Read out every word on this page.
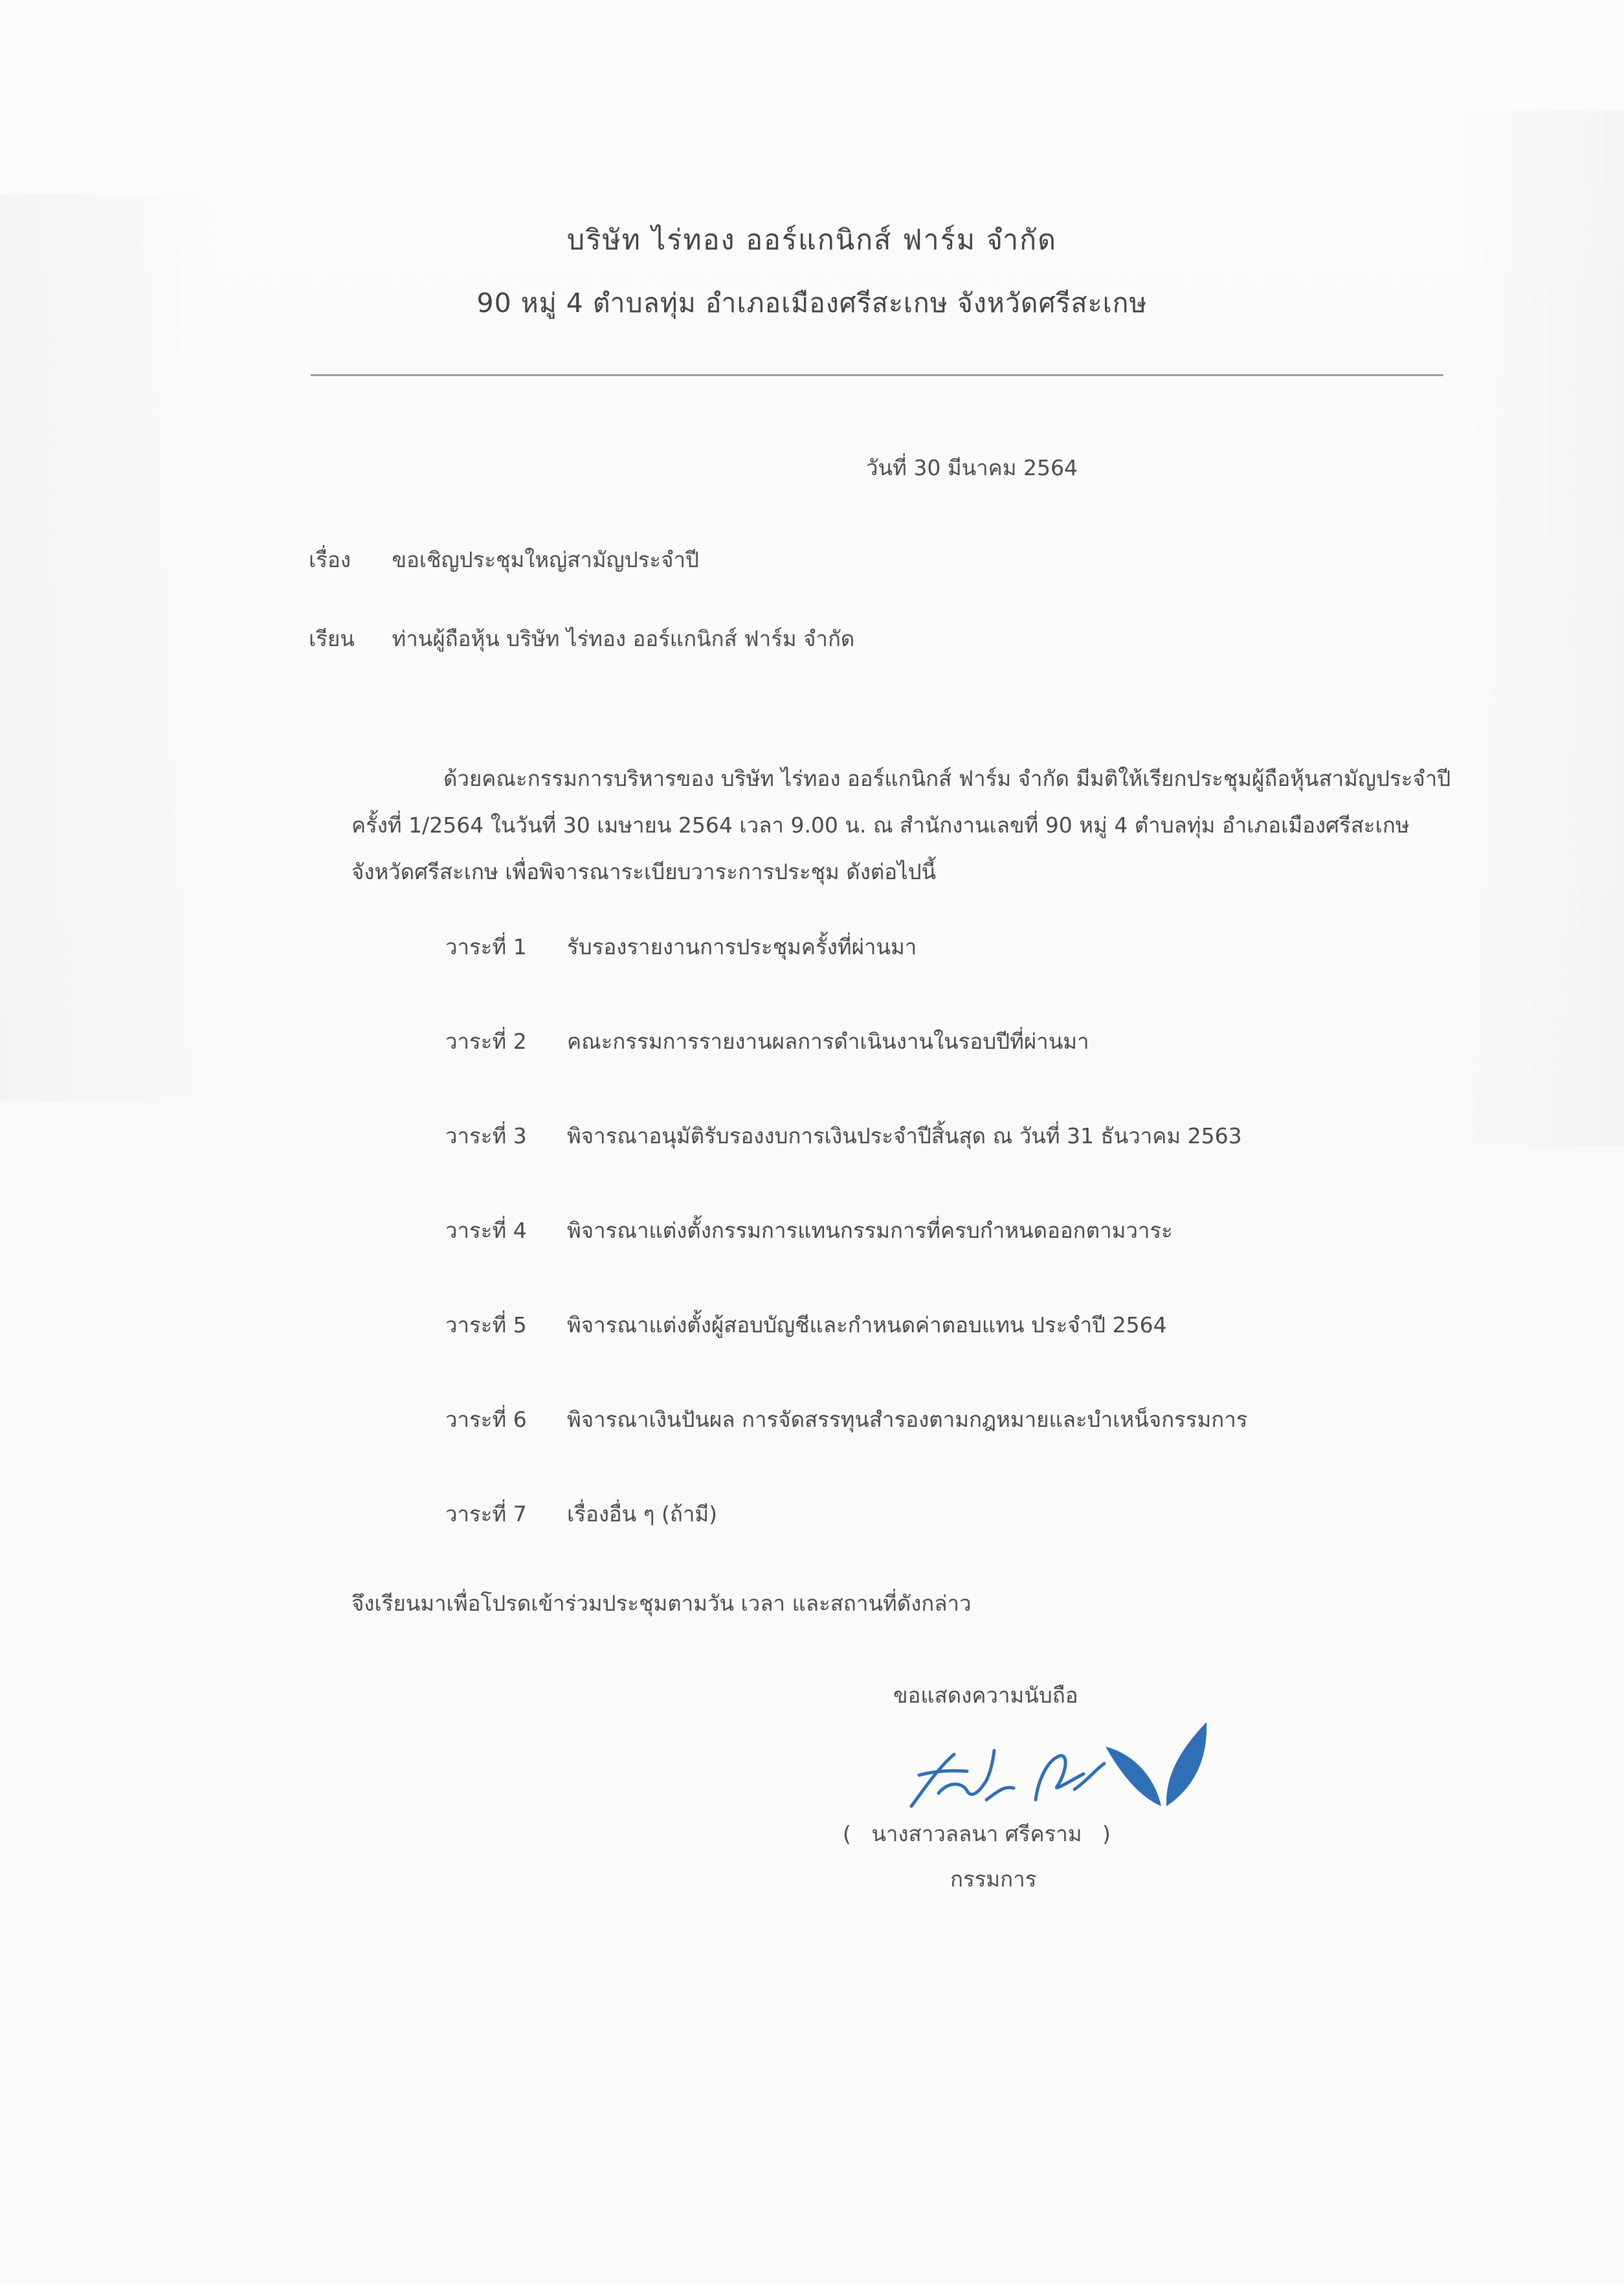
บริษัท ไร่ทอง ออร์แกนิกส์ ฟาร์ม จำกัด
90 หมู่ 4 ตำบลทุ่ม อำเภอเมืองศรีสะเกษ จังหวัดศรีสะเกษ
วันที่ 30 มีนาคม 2564
เรื่อง ขอเชิญประชุมใหญ่สามัญประจำปี
เรียน ท่านผู้ถือหุ้น บริษัท ไร่ทอง ออร์แกนิกส์ ฟาร์ม จำกัด

ด้วยคณะกรรมการบริหารของ บริษัท ไร่ทอง ออร์แกนิกส์ ฟาร์ม จำกัด มีมติให้เรียกประชุมผู้ถือหุ้นสามัญประจำปี ครั้งที่ 1/2564 ในวันที่ 30 เมษายน 2564 เวลา 9.00 น. ณ สำนักงานเลขที่ 90 หมู่ 4 ตำบลทุ่ม อำเภอเมืองศรีสะเกษ จังหวัดศรีสะเกษ เพื่อพิจารณาระเบียบวาระการประชุม ดังต่อไปนี้

วาระที่ 1 รับรองรายงานการประชุมครั้งที่ผ่านมา
วาระที่ 2 คณะกรรมการรายงานผลการดำเนินงานในรอบปีที่ผ่านมา
วาระที่ 3 พิจารณาอนุมัติรับรองงบการเงินประจำปีสิ้นสุด ณ วันที่ 31 ธันวาคม 2563
วาระที่ 4 พิจารณาแต่งตั้งกรรมการแทนกรรมการที่ครบกำหนดออกตามวาระ
วาระที่ 5 พิจารณาแต่งตั้งผู้สอบบัญชีและกำหนดค่าตอบแทน ประจำปี 2564
วาระที่ 6 พิจารณาเงินปันผล การจัดสรรทุนสำรองตามกฎหมายและบำเหน็จกรรมการ
วาระที่ 7 เรื่องอื่น ๆ (ถ้ามี)
จึงเรียนมาเพื่อโปรดเข้าร่วมประชุมตามวัน เวลา และสถานที่ดังกล่าว
ขอแสดงความนับถือ
(   นางสาวลลนา ศรีคราม   )
กรรมการ
